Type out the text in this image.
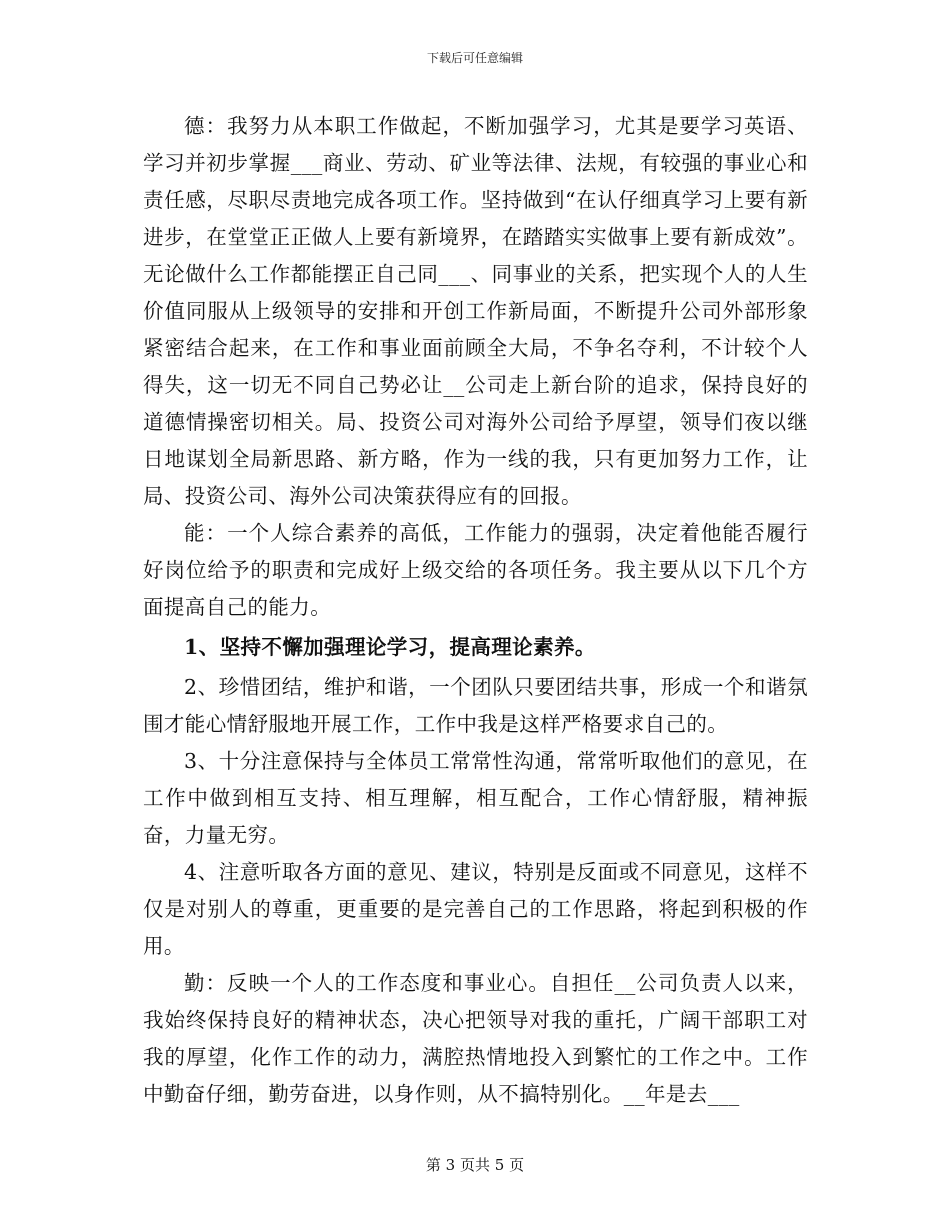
下载后可任意编辑

德：我努力从本职工作做起，不断加强学习，尤其是要学习英语、学习并初步掌握___商业、劳动、矿业等法律、法规，有较强的事业心和责任感，尽职尽责地完成各项工作。坚持做到“在认仔细真学习上要有新进步，在堂堂正正做人上要有新境界，在踏踏实实做事上要有新成效”。无论做什么工作都能摆正自己同___、同事业的关系，把实现个人的人生价值同服从上级领导的安排和开创工作新局面，不断提升公司外部形象紧密结合起来，在工作和事业面前顾全大局，不争名夺利，不计较个人得失，这一切无不同自己势必让__公司走上新台阶的追求，保持良好的道德情操密切相关。局、投资公司对海外公司给予厚望，领导们夜以继日地谋划全局新思路、新方略，作为一线的我，只有更加努力工作，让局、投资公司、海外公司决策获得应有的回报。

能：一个人综合素养的高低，工作能力的强弱，决定着他能否履行好岗位给予的职责和完成好上级交给的各项任务。我主要从以下几个方面提高自己的能力。

1、坚持不懈加强理论学习，提高理论素养。

2、珍惜团结，维护和谐，一个团队只要团结共事，形成一个和谐氛围才能心情舒服地开展工作，工作中我是这样严格要求自己的。

3、十分注意保持与全体员工常常性沟通，常常听取他们的意见，在工作中做到相互支持、相互理解，相互配合，工作心情舒服，精神振奋，力量无穷。

4、注意听取各方面的意见、建议，特别是反面或不同意见，这样不仅是对别人的尊重，更重要的是完善自己的工作思路，将起到积极的作用。

勤：反映一个人的工作态度和事业心。自担任__公司负责人以来，我始终保持良好的精神状态，决心把领导对我的重托，广阔干部职工对我的厚望，化作工作的动力，满腔热情地投入到繁忙的工作之中。工作中勤奋仔细，勤劳奋进，以身作则，从不搞特别化。__年是去___

第 3 页共 5 页
